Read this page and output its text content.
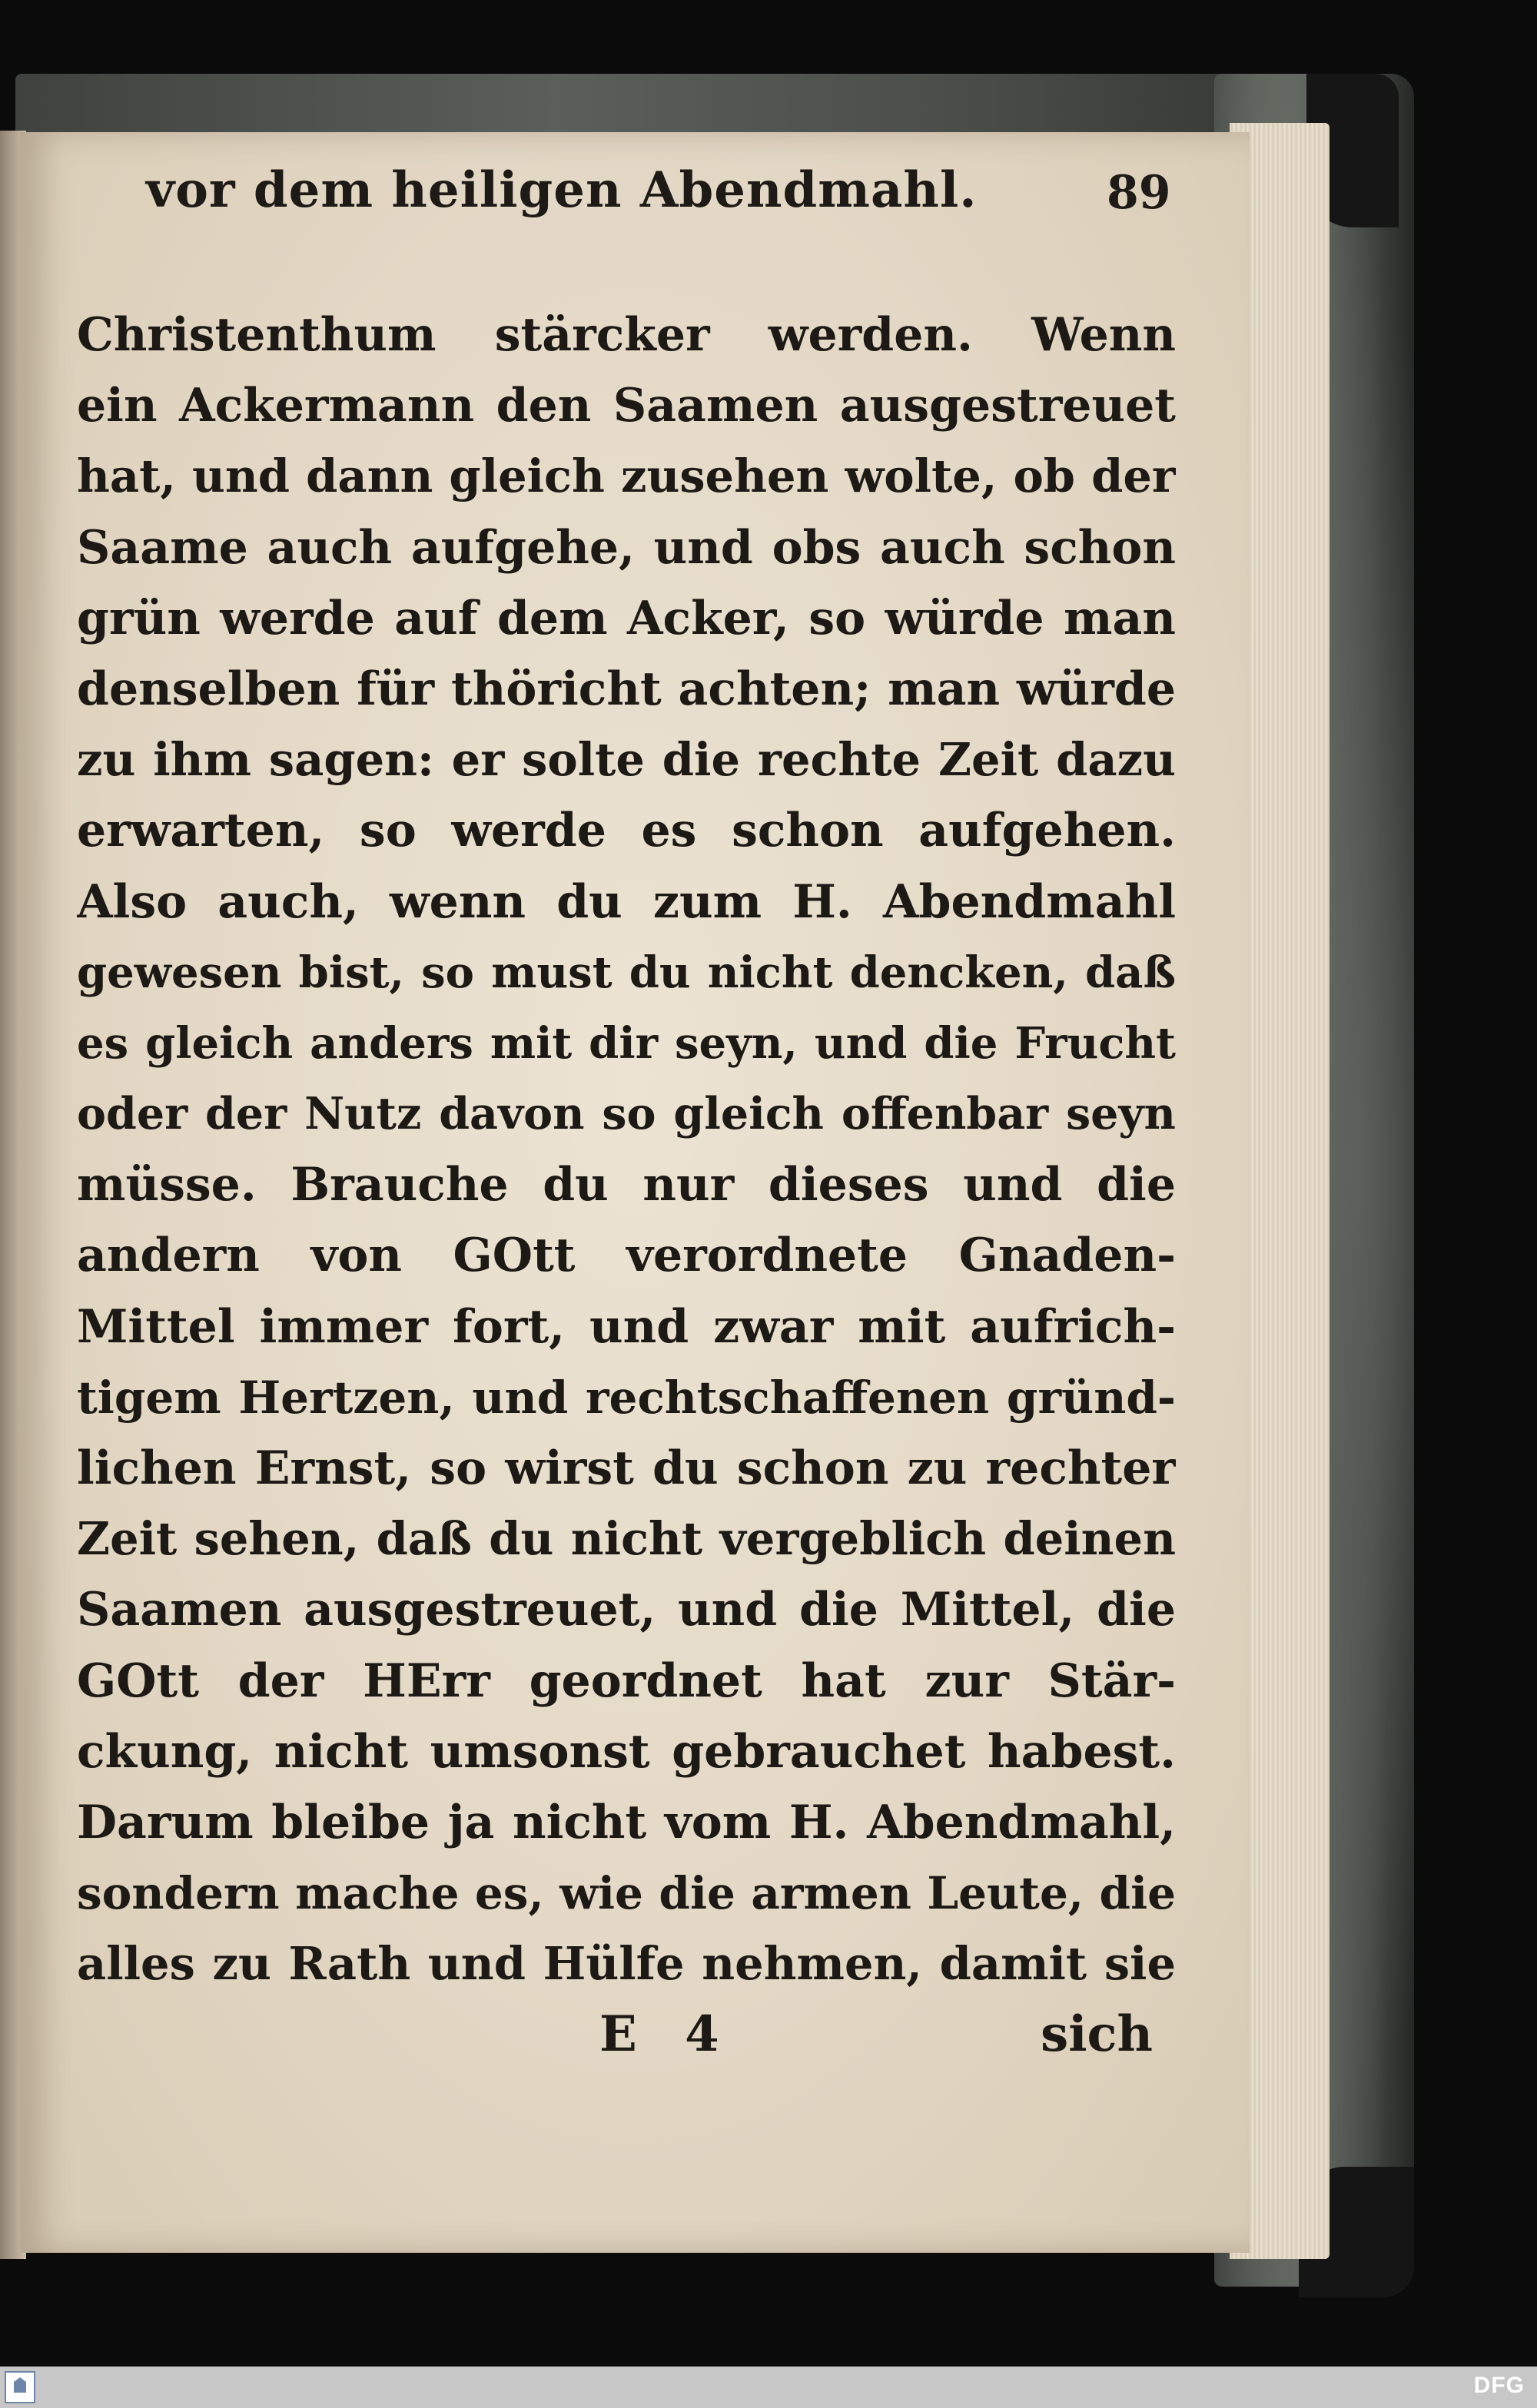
vor dem heiligen Abendmahl.	89
Christenthum stärcker werden. Wenn
ein Ackermann den Saamen ausgestreuet
hat, und dann gleich zusehen wolte, ob der
Saame auch aufgehe, und obs auch schon
grün werde auf dem Acker, so würde man
denselben für thöricht achten; man würde
zu ihm sagen: er solte die rechte Zeit dazu
erwarten, so werde es schon aufgehen.
Also auch, wenn du zum H. Abendmahl
gewesen bist, so must du nicht dencken, daß
es gleich anders mit dir seyn, und die Frucht
oder der Nutz davon so gleich offenbar seyn
müsse. Brauche du nur dieses und die
andern von GOtt verordnete Gnaden-
Mittel immer fort, und zwar mit aufrich-
tigem Hertzen, und rechtschaffenen gründ-
lichen Ernst, so wirst du schon zu rechter
Zeit sehen, daß du nicht vergeblich deinen
Saamen ausgestreuet, und die Mittel, die
GOtt der HErr geordnet hat zur Stär-
ckung, nicht umsonst gebrauchet habest.
Darum bleibe ja nicht vom H. Abendmahl,
sondern mache es, wie die armen Leute, die
alles zu Rath und Hülfe nehmen, damit sie
E 4	sich
DFG
